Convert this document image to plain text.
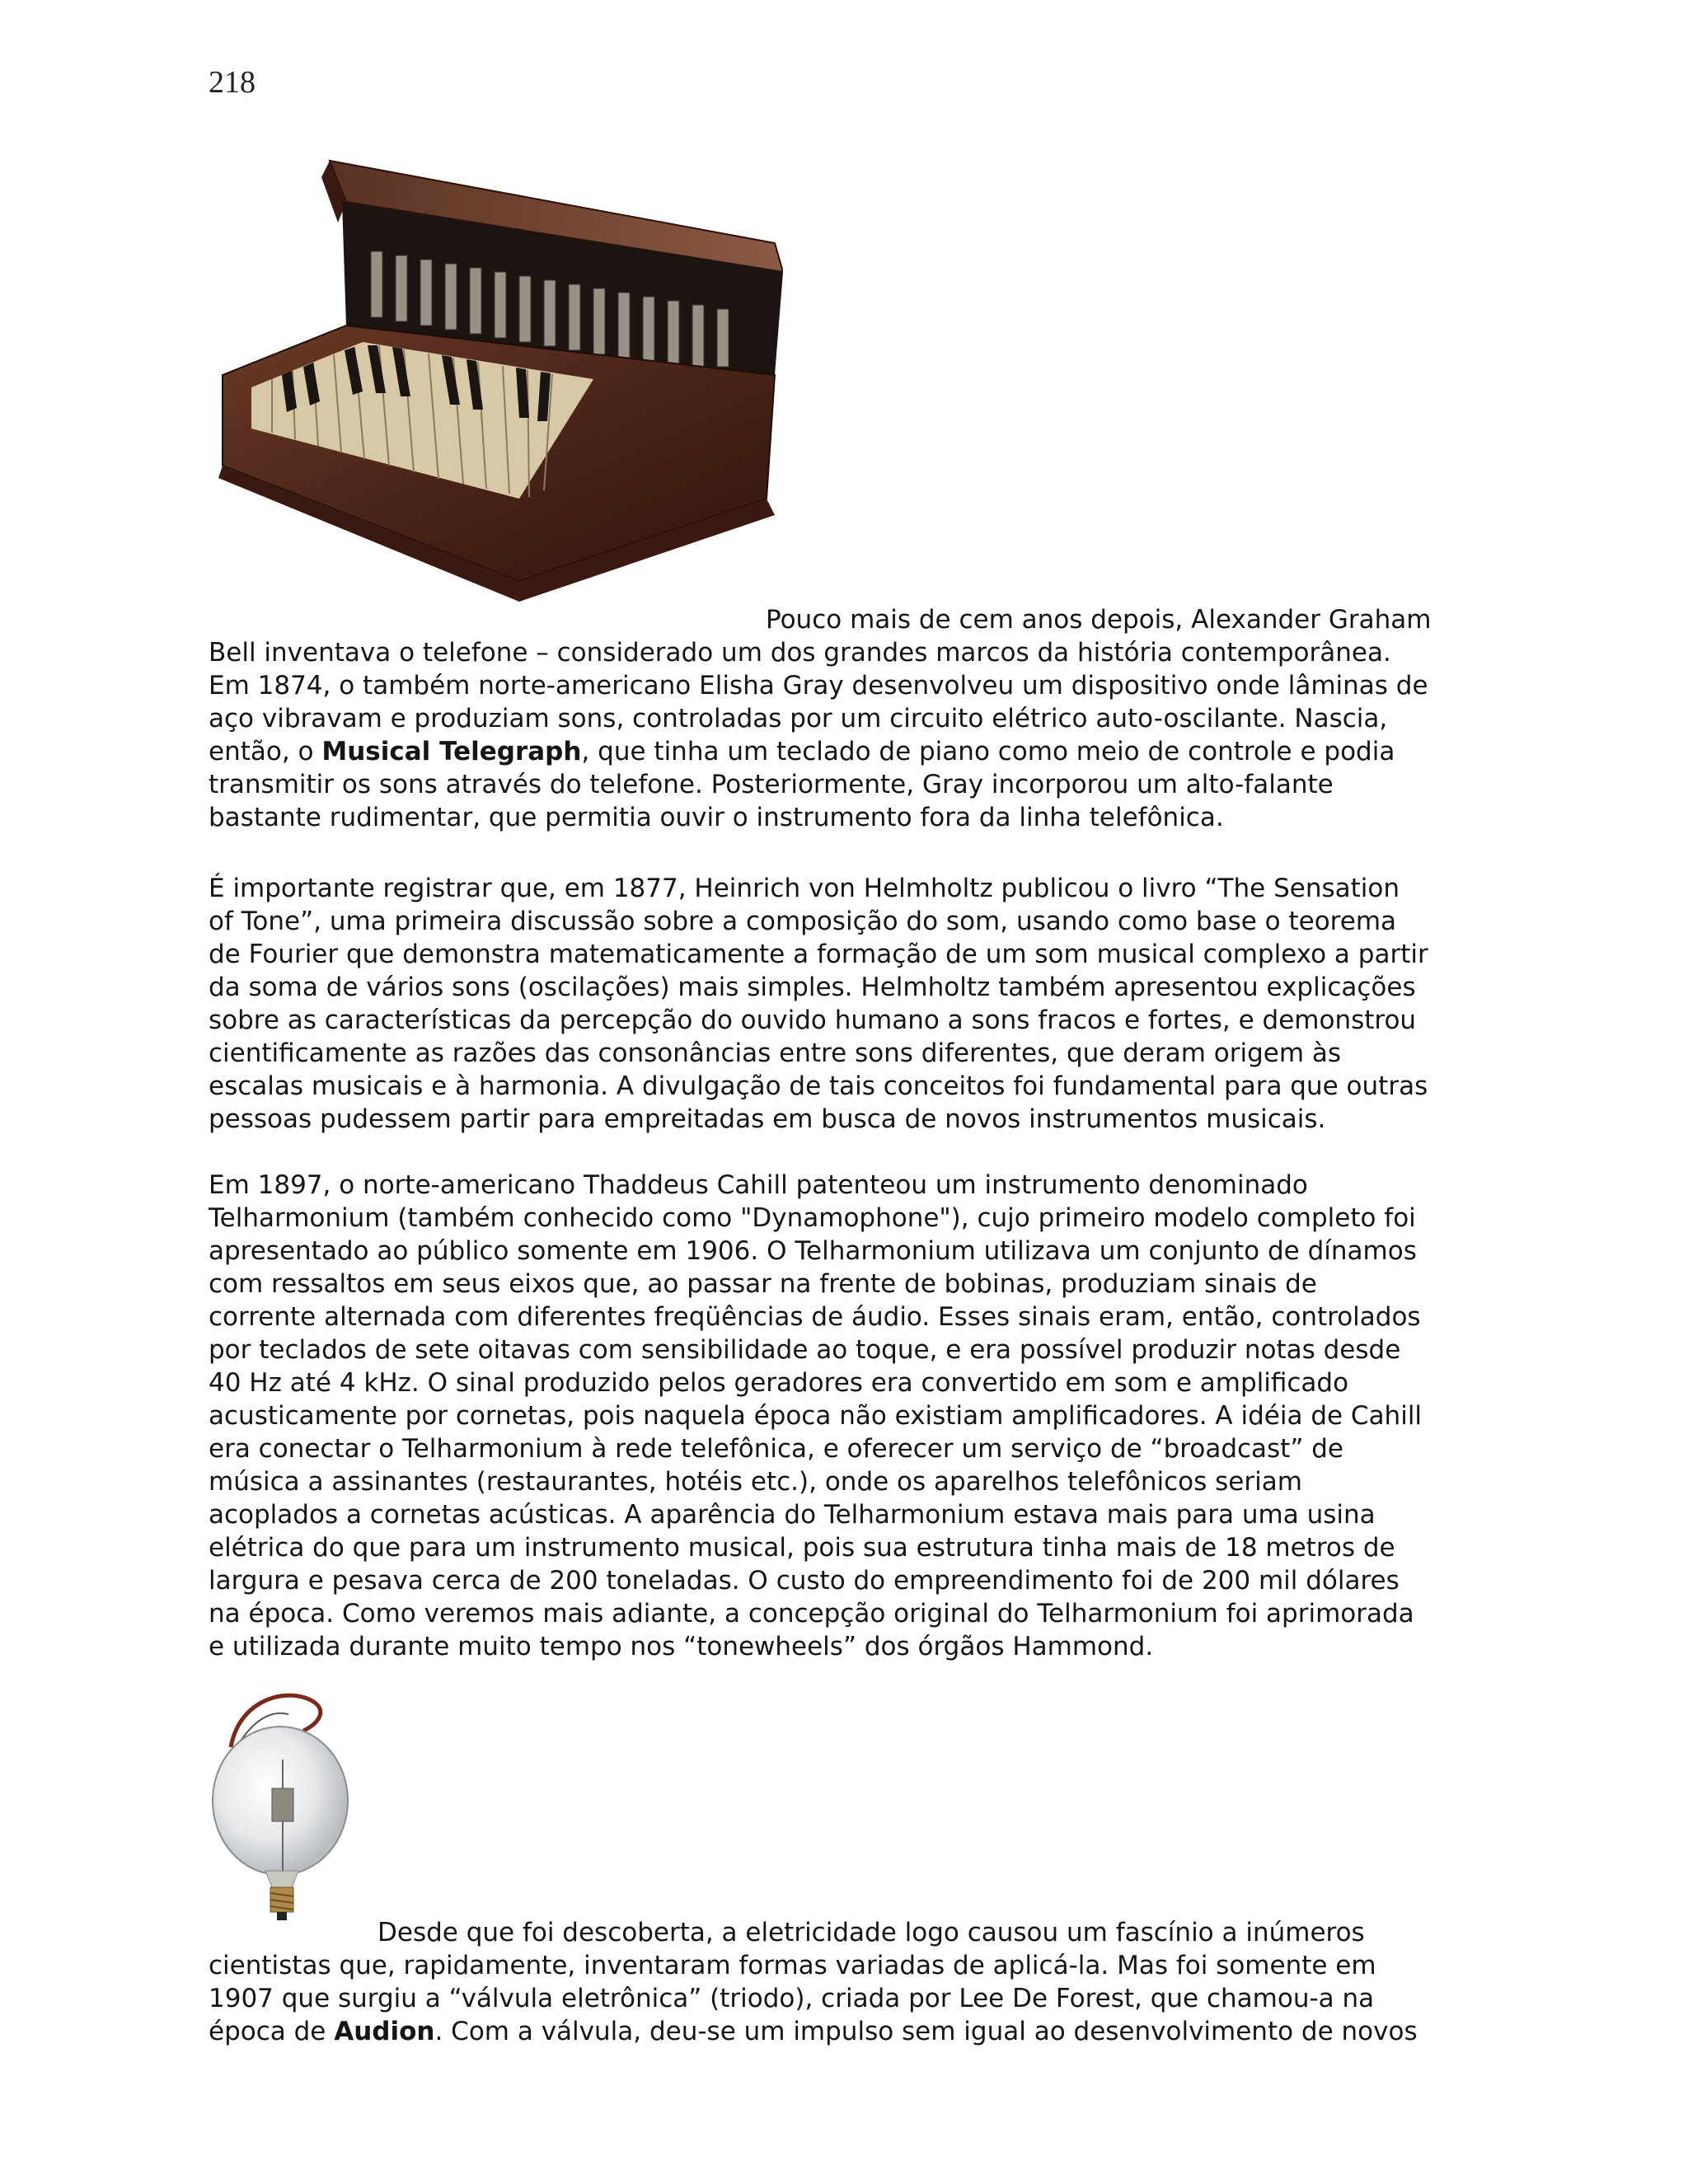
218

Pouco mais de cem anos depois, Alexander Graham
Bell inventava o telefone – considerado um dos grandes marcos da história contemporânea.
Em 1874, o também norte-americano Elisha Gray desenvolveu um dispositivo onde lâminas de
aço vibravam e produziam sons, controladas por um circuito elétrico auto-oscilante. Nascia,
então, o Musical Telegraph, que tinha um teclado de piano como meio de controle e podia
transmitir os sons através do telefone. Posteriormente, Gray incorporou um alto-falante
bastante rudimentar, que permitia ouvir o instrumento fora da linha telefônica.

É importante registrar que, em 1877, Heinrich von Helmholtz publicou o livro “The Sensation
of Tone”, uma primeira discussão sobre a composição do som, usando como base o teorema
de Fourier que demonstra matematicamente a formação de um som musical complexo a partir
da soma de vários sons (oscilações) mais simples. Helmholtz também apresentou explicações
sobre as características da percepção do ouvido humano a sons fracos e fortes, e demonstrou
cientificamente as razões das consonâncias entre sons diferentes, que deram origem às
escalas musicais e à harmonia. A divulgação de tais conceitos foi fundamental para que outras
pessoas pudessem partir para empreitadas em busca de novos instrumentos musicais.

Em 1897, o norte-americano Thaddeus Cahill patenteou um instrumento denominado
Telharmonium (também conhecido como "Dynamophone"), cujo primeiro modelo completo foi
apresentado ao público somente em 1906. O Telharmonium utilizava um conjunto de dínamos
com ressaltos em seus eixos que, ao passar na frente de bobinas, produziam sinais de
corrente alternada com diferentes freqüências de áudio. Esses sinais eram, então, controlados
por teclados de sete oitavas com sensibilidade ao toque, e era possível produzir notas desde
40 Hz até 4 kHz. O sinal produzido pelos geradores era convertido em som e amplificado
acusticamente por cornetas, pois naquela época não existiam amplificadores. A idéia de Cahill
era conectar o Telharmonium à rede telefônica, e oferecer um serviço de “broadcast” de
música a assinantes (restaurantes, hotéis etc.), onde os aparelhos telefônicos seriam
acoplados a cornetas acústicas. A aparência do Telharmonium estava mais para uma usina
elétrica do que para um instrumento musical, pois sua estrutura tinha mais de 18 metros de
largura e pesava cerca de 200 toneladas. O custo do empreendimento foi de 200 mil dólares
na época. Como veremos mais adiante, a concepção original do Telharmonium foi aprimorada
e utilizada durante muito tempo nos “tonewheels” dos órgãos Hammond.

Desde que foi descoberta, a eletricidade logo causou um fascínio a inúmeros
cientistas que, rapidamente, inventaram formas variadas de aplicá-la. Mas foi somente em
1907 que surgiu a “válvula eletrônica” (triodo), criada por Lee De Forest, que chamou-a na
época de Audion. Com a válvula, deu-se um impulso sem igual ao desenvolvimento de novos
